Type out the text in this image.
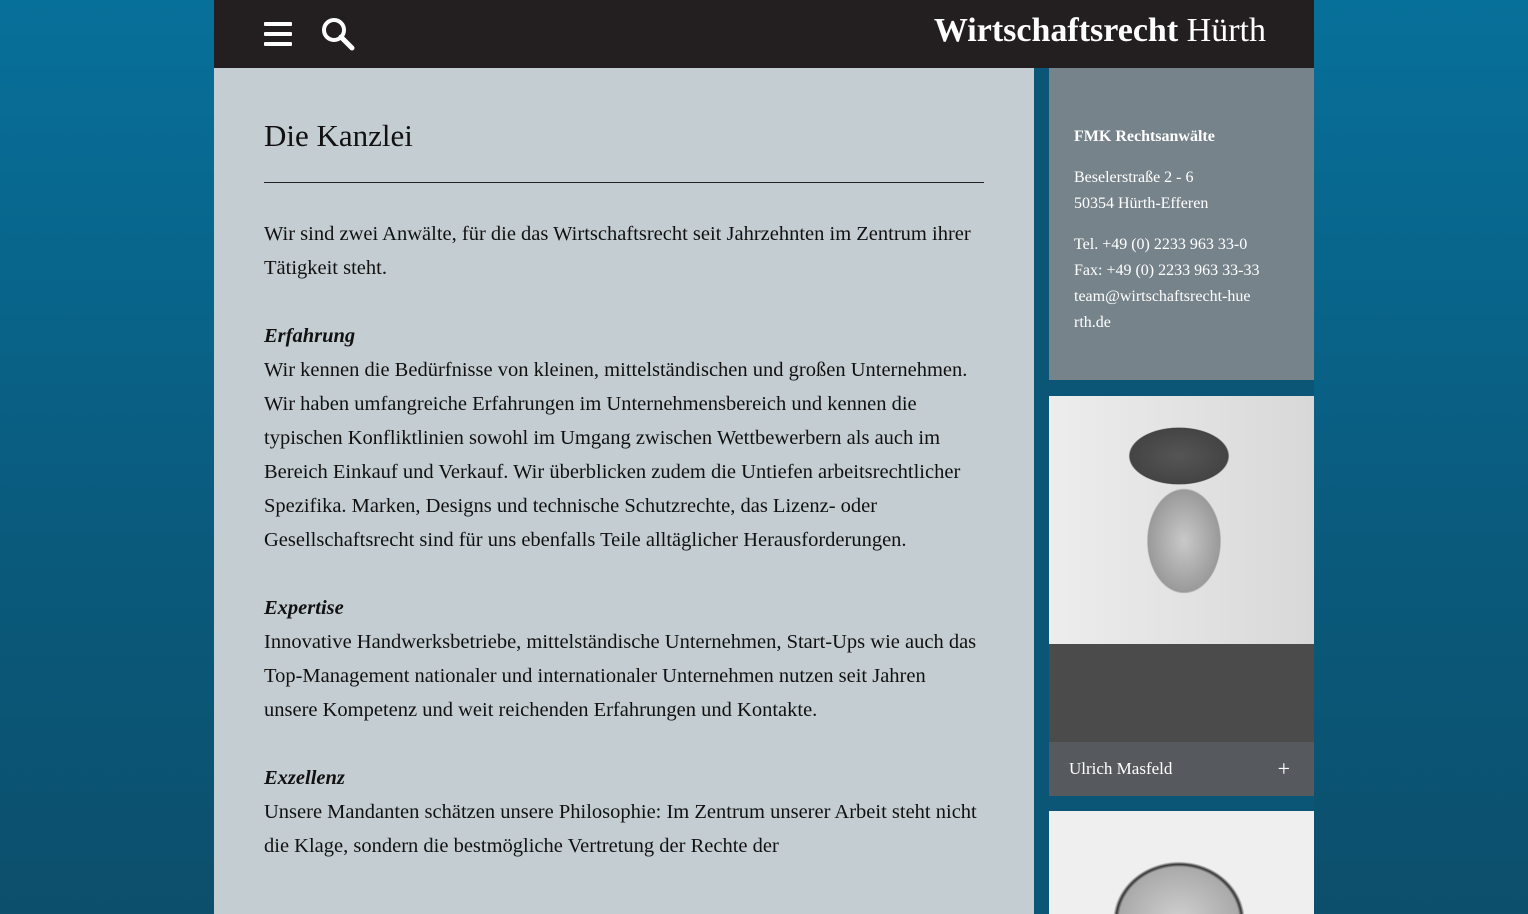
Wirtschaftsrecht Hürth
Die Kanzlei
Wir sind zwei Anwälte, für die das Wirtschaftsrecht seit Jahrzehnten im Zentrum ihrer Tätigkeit steht.
Erfahrung
Wir kennen die Bedürfnisse von kleinen, mittelständischen und großen Unternehmen. Wir haben umfangreiche Erfahrungen im Unternehmensbereich und kennen die typischen Konfliktlinien sowohl im Umgang zwischen Wettbewerbern als auch im Bereich Einkauf und Verkauf. Wir überblicken zudem die Untiefen arbeitsrechtlicher Spezifika. Marken, Designs und technische Schutzrechte, das Lizenz- oder Gesellschaftsrecht sind für uns ebenfalls Teile alltäglicher Herausforderungen.
Expertise
Innovative Handwerksbetriebe, mittelständische Unternehmen, Start-Ups wie auch das Top-Management nationaler und internationaler Unternehmen nutzen seit Jahren unsere Kompetenz und weit reichenden Erfahrungen und Kontakte.
Exzellenz
Unsere Mandanten schätzen unsere Philosophie: Im Zentrum unserer Arbeit steht nicht die Klage, sondern die bestmögliche Vertretung der Rechte der
FMK Rechtsanwälte
Beselerstraße 2 - 6
50354 Hürth-Efferen
Tel. +49 (0) 2233 963 33-0
Fax: +49 (0) 2233 963 33-33
team@wirtschaftsrecht-huerth.de
Ulrich Masfeld	+
